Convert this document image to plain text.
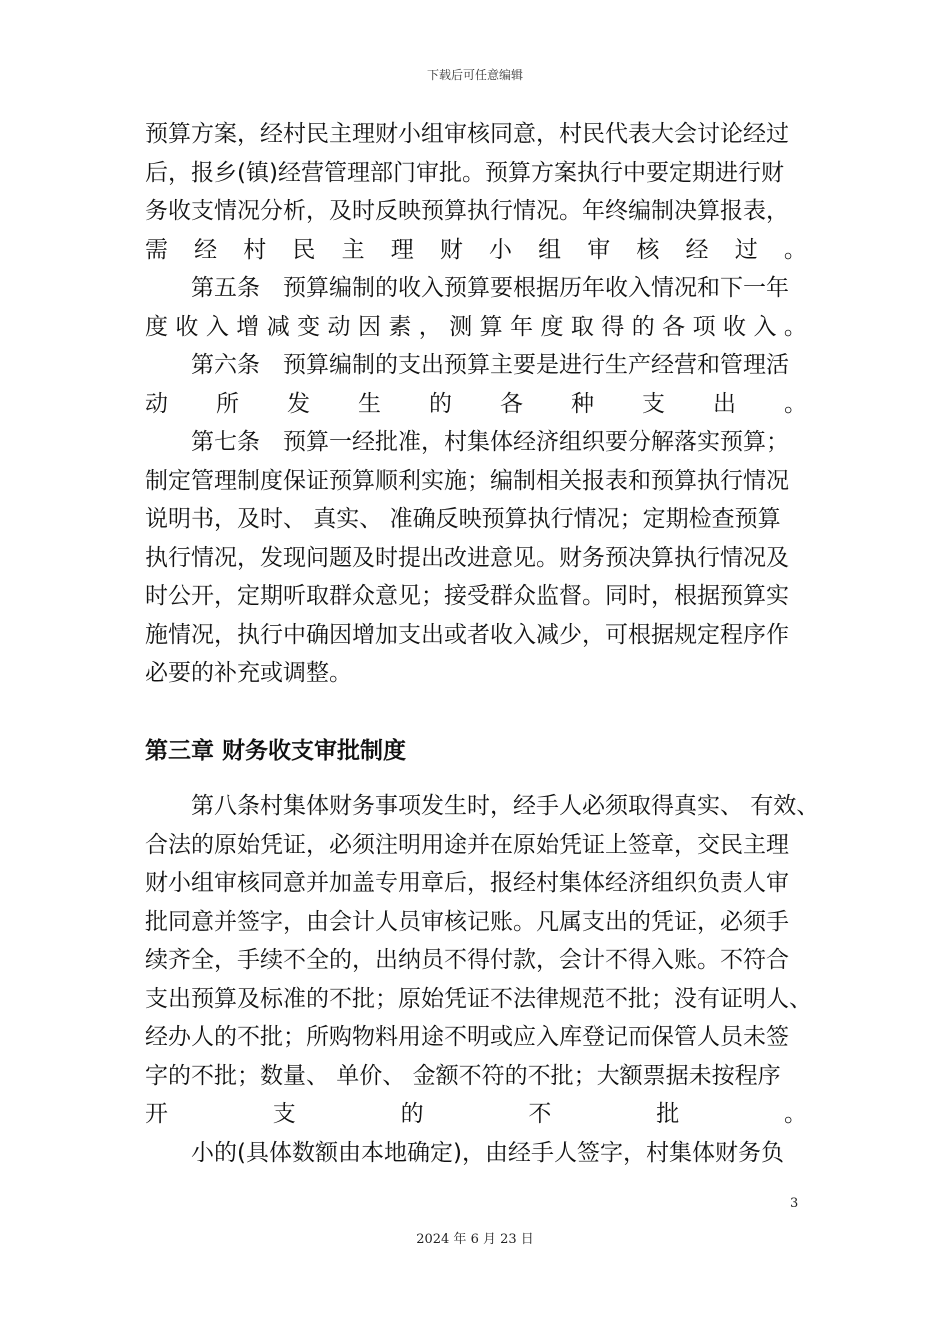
下载后可任意编辑
预算方案，经村民主理财小组审核同意，村民代表大会讨论经过
后，报乡(镇)经营管理部门审批。预算方案执行中要定期进行财
务收支情况分析，及时反映预算执行情况。年终编制决算报表，
需 经 村 民 主 理 财 小 组 审 核 经 过 。
第五条　预算编制的收入预算要根据历年收入情况和下一年
度 收 入 增 减 变 动 因 素 ， 测 算 年 度 取 得 的 各 项 收 入 。
第六条　预算编制的支出预算主要是进行生产经营和管理活
动 所 发 生 的 各 种 支 出 。
第七条　预算一经批准，村集体经济组织要分解落实预算；
制定管理制度保证预算顺利实施；编制相关报表和预算执行情况
说明书，及时、 真实、 准确反映预算执行情况；定期检查预算
执行情况，发现问题及时提出改进意见。财务预决算执行情况及
时公开，定期听取群众意见；接受群众监督。同时，根据预算实
施情况，执行中确因增加支出或者收入减少，可根据规定程序作
必要的补充或调整。
第三章 财务收支审批制度
第八条村集体财务事项发生时，经手人必须取得真实、 有效、
合法的原始凭证，必须注明用途并在原始凭证上签章，交民主理
财小组审核同意并加盖专用章后，报经村集体经济组织负责人审
批同意并签字，由会计人员审核记账。凡属支出的凭证，必须手
续齐全，手续不全的，出纳员不得付款，会计不得入账。不符合
支出预算及标准的不批；原始凭证不法律规范不批；没有证明人、
经办人的不批；所购物料用途不明或应入库登记而保管人员未签
字的不批；数量、 单价、 金额不符的不批；大额票据未按程序
开	支	的	不	批	。
小的(具体数额由本地确定)，由经手人签字，村集体财务负
3
2024 年 6 月 23 日
